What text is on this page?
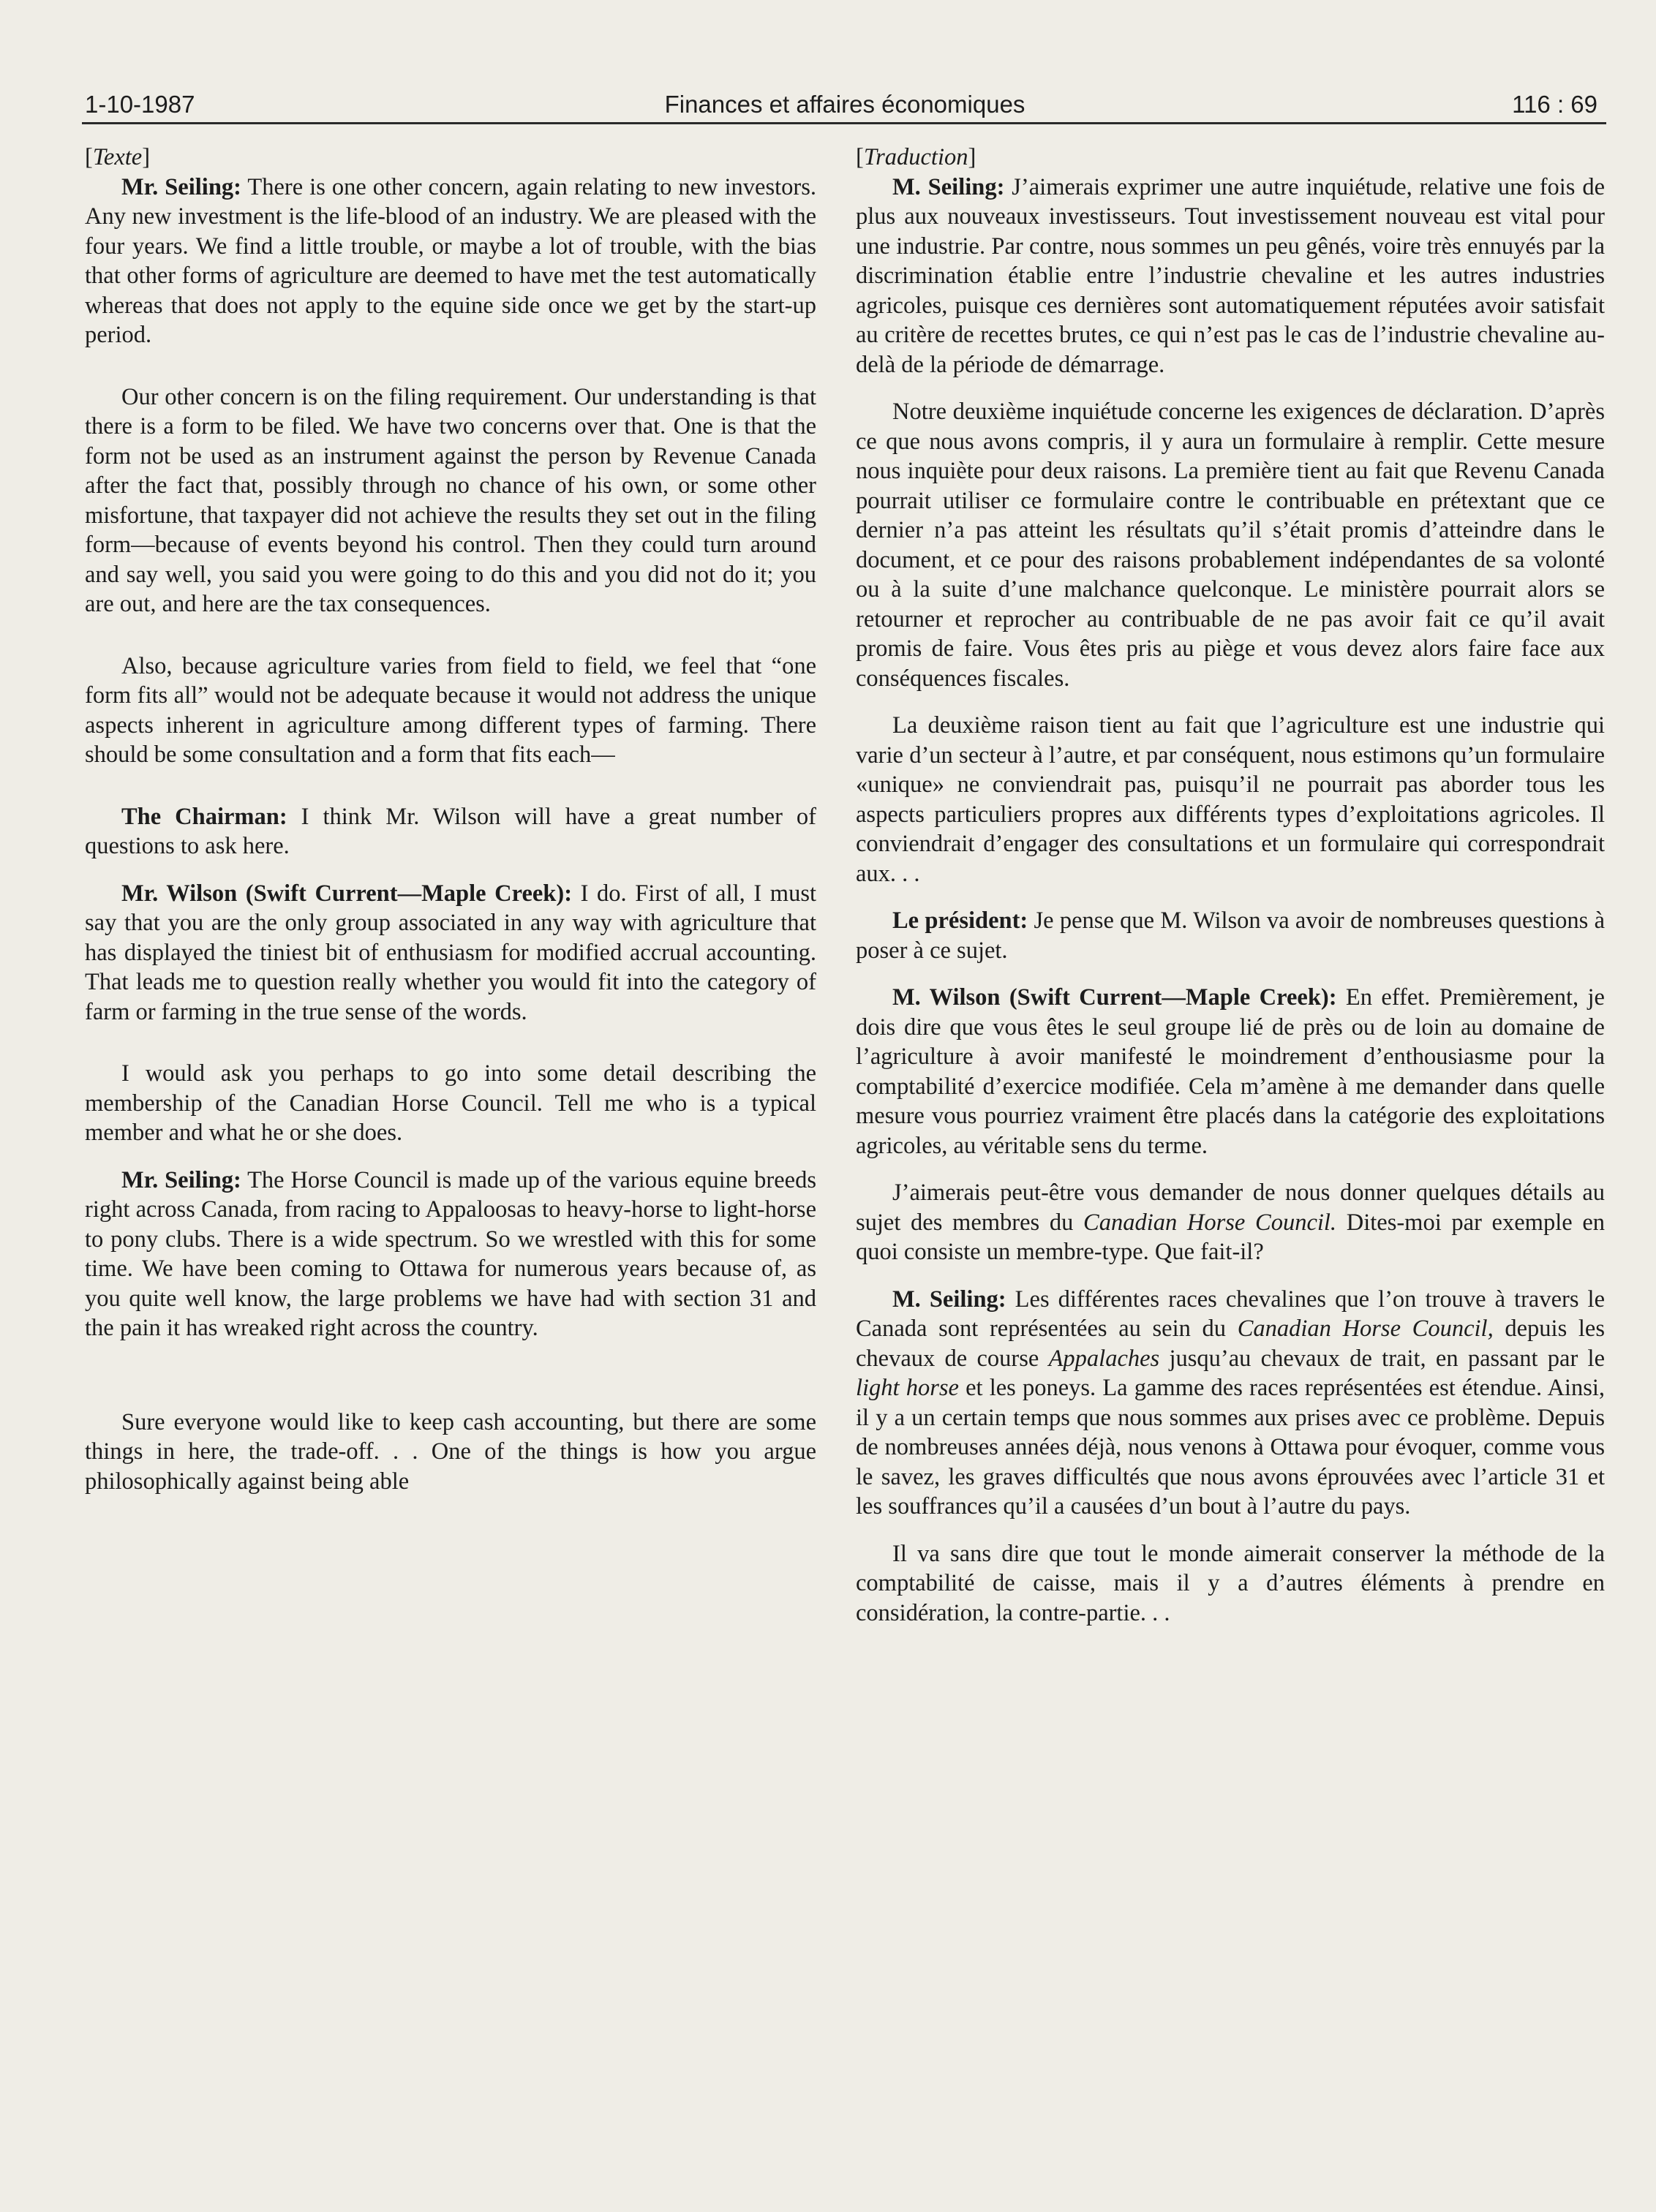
1-10-1987	Finances et affaires économiques	116 : 69

[Texte]

Mr. Seiling: There is one other concern, again relating to new investors. Any new investment is the life-blood of an industry. We are pleased with the four years. We find a little trouble, or maybe a lot of trouble, with the bias that other forms of agriculture are deemed to have met the test automatically whereas that does not apply to the equine side once we get by the start-up period.

Our other concern is on the filing requirement. Our understanding is that there is a form to be filed. We have two concerns over that. One is that the form not be used as an instrument against the person by Revenue Canada after the fact that, possibly through no chance of his own, or some other misfortune, that taxpayer did not achieve the results they set out in the filing form—because of events beyond his control. Then they could turn around and say well, you said you were going to do this and you did not do it; you are out, and here are the tax consequences.

Also, because agriculture varies from field to field, we feel that “one form fits all” would not be adequate because it would not address the unique aspects inherent in agriculture among different types of farming. There should be some consultation and a form that fits each—

The Chairman: I think Mr. Wilson will have a great number of questions to ask here.

Mr. Wilson (Swift Current—Maple Creek): I do. First of all, I must say that you are the only group associated in any way with agriculture that has displayed the tiniest bit of enthusiasm for modified accrual accounting. That leads me to question really whether you would fit into the category of farm or farming in the true sense of the words.

I would ask you perhaps to go into some detail describing the membership of the Canadian Horse Council. Tell me who is a typical member and what he or she does.

Mr. Seiling: The Horse Council is made up of the various equine breeds right across Canada, from racing to Appaloosas to heavy-horse to light-horse to pony clubs. There is a wide spectrum. So we wrestled with this for some time. We have been coming to Ottawa for numerous years because of, as you quite well know, the large problems we have had with section 31 and the pain it has wreaked right across the country.

Sure everyone would like to keep cash accounting, but there are some things in here, the trade-off. . . One of the things is how you argue philosophically against being able

[Traduction]

M. Seiling: J’aimerais exprimer une autre inquiétude, relative une fois de plus aux nouveaux investisseurs. Tout investissement nouveau est vital pour une industrie. Par contre, nous sommes un peu gênés, voire très ennuyés par la discrimination établie entre l’industrie chevaline et les autres industries agricoles, puisque ces dernières sont automatiquement réputées avoir satisfait au critère de recettes brutes, ce qui n’est pas le cas de l’industrie chevaline au-delà de la période de démarrage.

Notre deuxième inquiétude concerne les exigences de déclaration. D’après ce que nous avons compris, il y aura un formulaire à remplir. Cette mesure nous inquiète pour deux raisons. La première tient au fait que Revenu Canada pourrait utiliser ce formulaire contre le contribuable en prétextant que ce dernier n’a pas atteint les résultats qu’il s’était promis d’atteindre dans le document, et ce pour des raisons probablement indépendantes de sa volonté ou à la suite d’une malchance quelconque. Le ministère pourrait alors se retourner et reprocher au contribuable de ne pas avoir fait ce qu’il avait promis de faire. Vous êtes pris au piège et vous devez alors faire face aux conséquences fiscales.

La deuxième raison tient au fait que l’agriculture est une industrie qui varie d’un secteur à l’autre, et par conséquent, nous estimons qu’un formulaire «unique» ne conviendrait pas, puisqu’il ne pourrait pas aborder tous les aspects particuliers propres aux différents types d’exploitations agricoles. Il conviendrait d’engager des consultations et un formulaire qui correspondrait aux. . .

Le président: Je pense que M. Wilson va avoir de nombreuses questions à poser à ce sujet.

M. Wilson (Swift Current—Maple Creek): En effet. Premièrement, je dois dire que vous êtes le seul groupe lié de près ou de loin au domaine de l’agriculture à avoir manifesté le moindrement d’enthousiasme pour la comptabilité d’exercice modifiée. Cela m’amène à me demander dans quelle mesure vous pourriez vraiment être placés dans la catégorie des exploitations agricoles, au véritable sens du terme.

J’aimerais peut-être vous demander de nous donner quelques détails au sujet des membres du Canadian Horse Council. Dites-moi par exemple en quoi consiste un membre-type. Que fait-il?

M. Seiling: Les différentes races chevalines que l’on trouve à travers le Canada sont représentées au sein du Canadian Horse Council, depuis les chevaux de course Appalaches jusqu’au chevaux de trait, en passant par le light horse et les poneys. La gamme des races représentées est étendue. Ainsi, il y a un certain temps que nous sommes aux prises avec ce problème. Depuis de nombreuses années déjà, nous venons à Ottawa pour évoquer, comme vous le savez, les graves difficultés que nous avons éprouvées avec l’article 31 et les souffrances qu’il a causées d’un bout à l’autre du pays.

Il va sans dire que tout le monde aimerait conserver la méthode de la comptabilité de caisse, mais il y a d’autres éléments à prendre en considération, la contre-partie. . .
